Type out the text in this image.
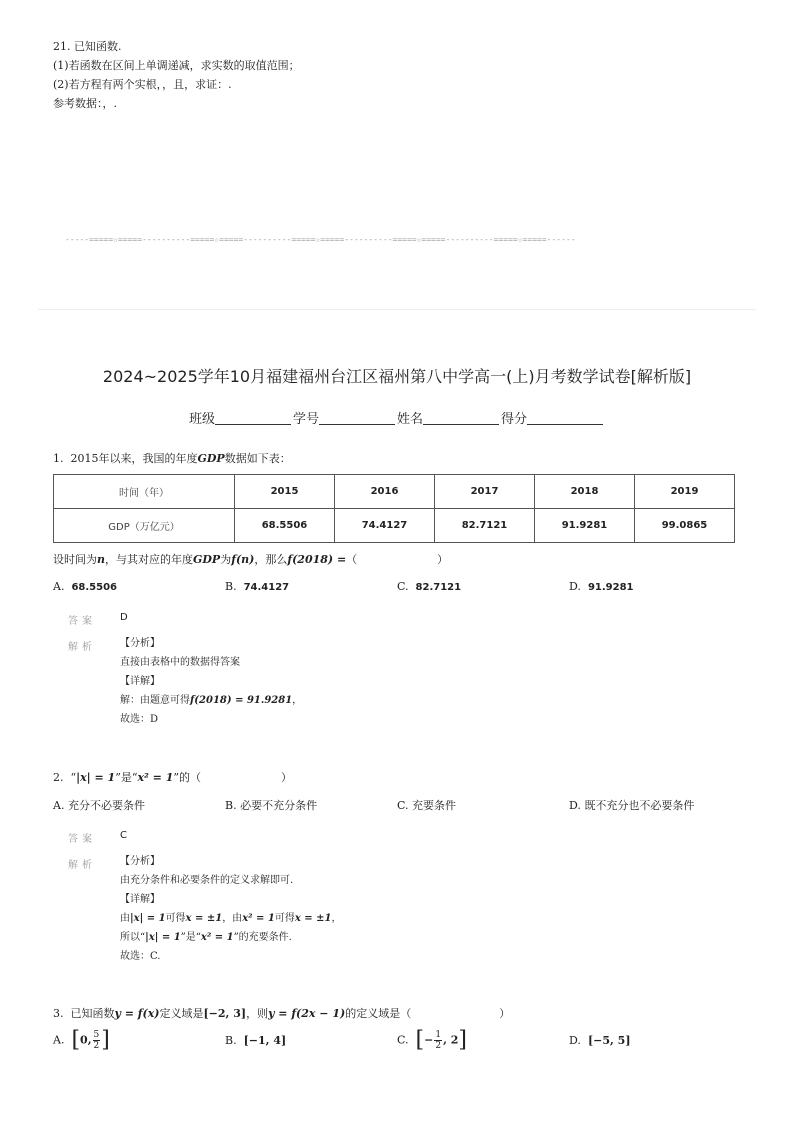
21. 已知函数.
(1)若函数在区间上单调递减，求实数的取值范围；
(2)若方程有两个实根，，且，求证：.
参考数据：，.
-----=====☆=====----------=====☆=====----------=====☆=====----------=====☆=====----------=====☆=====------
2024~2025学年10月福建福州台江区福州第八中学高一(上)月考数学试卷[解析版]
班级	学号	姓名	得分
1. 2015年以来，我国的年度GDP数据如下表：
时间（年）	2015	2016	2017	2018	2019
GDP（万亿元）	68.5506	74.4127	82.7121	91.9281	99.0865
设时间为n，与其对应的年度GDP为f(n)，那么f(2018) =（	）
A. 68.5506	B. 74.4127	C. 82.7121	D. 91.9281
答案 D
解析 【分析】
直接由表格中的数据得答案
【详解】
解：由题意可得f(2018) = 91.9281，
故选：D
2. “|x| = 1”是“x² = 1”的（	）
A. 充分不必要条件	B. 必要不充分条件	C. 充要条件	D. 既不充分也不必要条件
答案 C
解析 【分析】
由充分条件和必要条件的定义求解即可.
【详解】
由|x| = 1可得x = ±1，由x² = 1可得x = ±1，
所以“|x| = 1”是“x² = 1”的充要条件.
故选：C.
3. 已知函数y = f(x)定义域是[−2, 3]，则y = f(2x − 1)的定义域是（	）
A. [0, $\frac{5}{2}$ ]	B. [−1, 4]	C. [− $\frac{1}{2}$ , 2]	D. [−5, 5]
